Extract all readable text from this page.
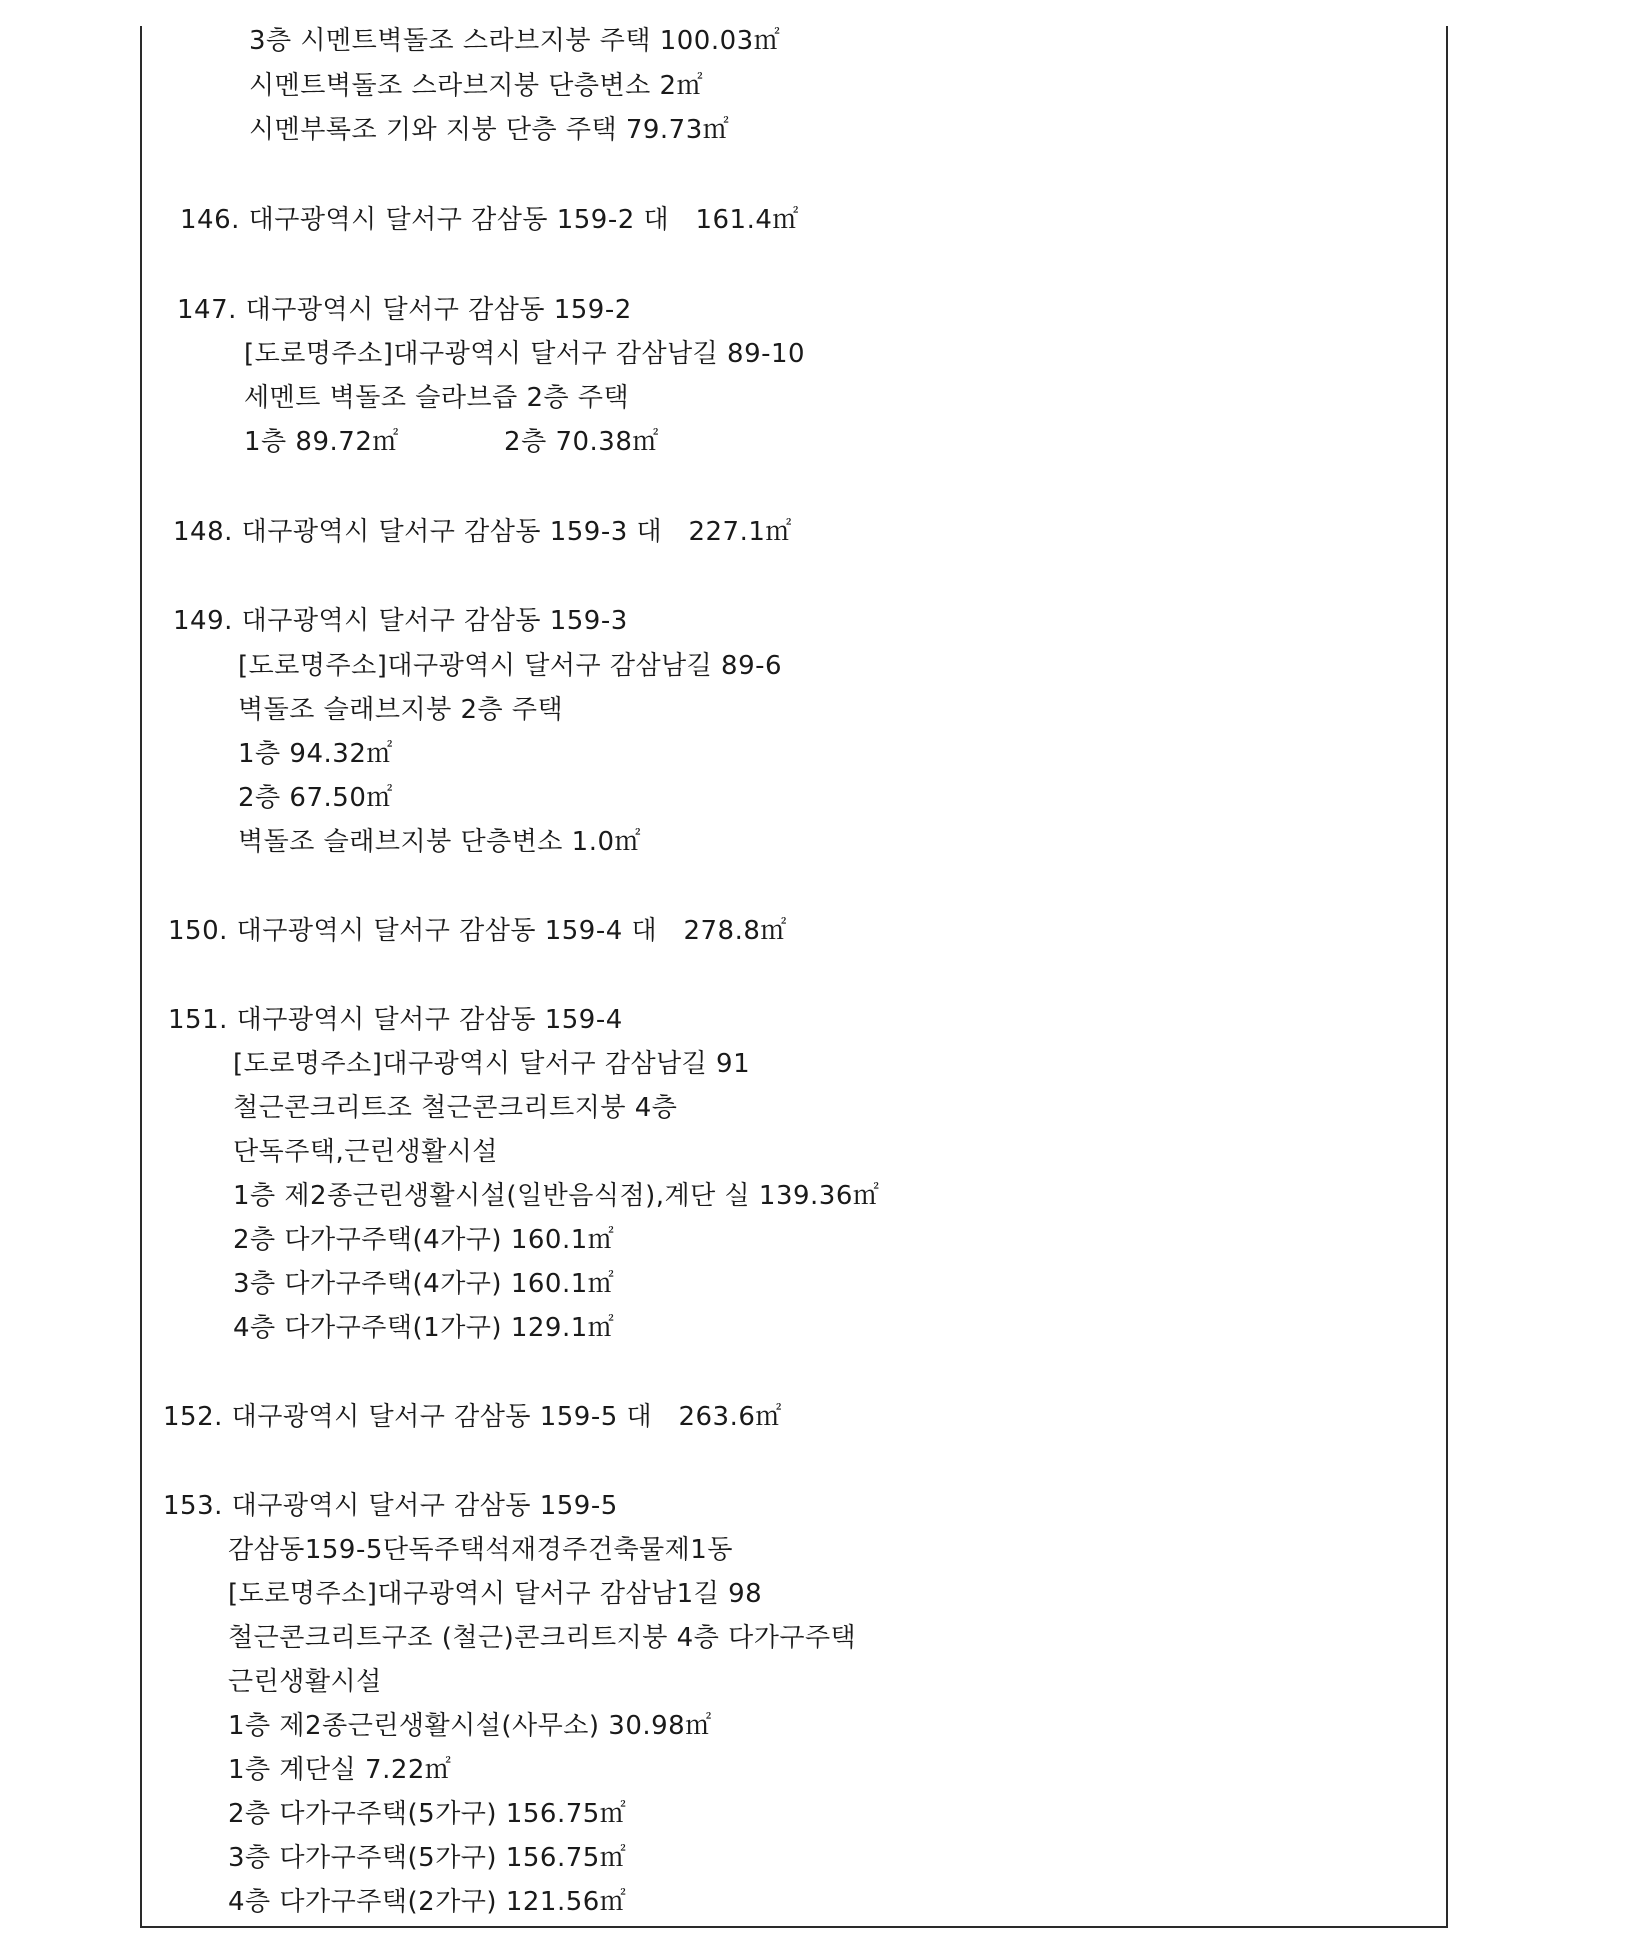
3층 시멘트벽돌조 스라브지붕 주택 100.03㎡
시멘트벽돌조 스라브지붕 단층변소 2㎡
시멘부록조 기와 지붕 단층 주택 79.73㎡
146. 대구광역시 달서구 감삼동 159-2 대   161.4㎡
147. 대구광역시 달서구 감삼동 159-2
[도로명주소]대구광역시 달서구 감삼남길 89-10
세멘트 벽돌조 슬라브즙 2층 주택
1층 89.72㎡            2층 70.38㎡
148. 대구광역시 달서구 감삼동 159-3 대   227.1㎡
149. 대구광역시 달서구 감삼동 159-3
[도로명주소]대구광역시 달서구 감삼남길 89-6
벽돌조 슬래브지붕 2층 주택
1층 94.32㎡
2층 67.50㎡
벽돌조 슬래브지붕 단층변소 1.0㎡
150. 대구광역시 달서구 감삼동 159-4 대   278.8㎡
151. 대구광역시 달서구 감삼동 159-4
[도로명주소]대구광역시 달서구 감삼남길 91
철근콘크리트조 철근콘크리트지붕 4층
단독주택,근린생활시설
1층 제2종근린생활시설(일반음식점),계단 실 139.36㎡
2층 다가구주택(4가구) 160.1㎡
3층 다가구주택(4가구) 160.1㎡
4층 다가구주택(1가구) 129.1㎡
152. 대구광역시 달서구 감삼동 159-5 대   263.6㎡
153. 대구광역시 달서구 감삼동 159-5
감삼동159-5단독주택석재경주건축물제1동
[도로명주소]대구광역시 달서구 감삼남1길 98
철근콘크리트구조 (철근)콘크리트지붕 4층 다가구주택
근린생활시설
1층 제2종근린생활시설(사무소) 30.98㎡
1층 계단실 7.22㎡
2층 다가구주택(5가구) 156.75㎡
3층 다가구주택(5가구) 156.75㎡
4층 다가구주택(2가구) 121.56㎡
